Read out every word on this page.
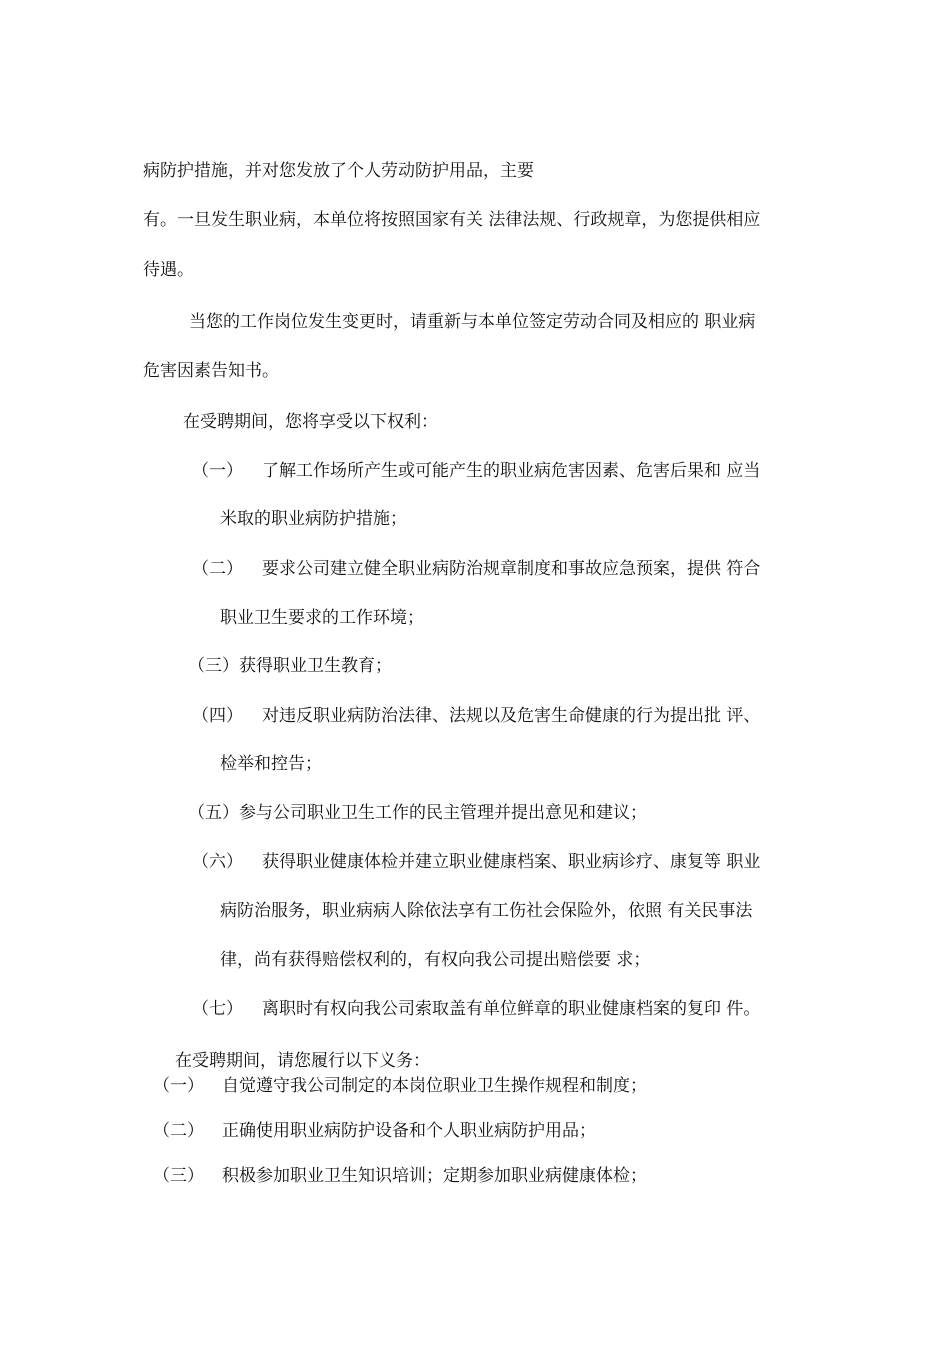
病防护措施，并对您发放了个人劳动防护用品，主要
有。一旦发生职业病，本单位将按照国家有关 法律法规、行政规章，为您提供相应
待遇。
当您的工作岗位发生变更时，请重新与本单位签定劳动合同及相应的 职业病
危害因素告知书。
在受聘期间，您将享受以下权利：
（一） 了解工作场所产生或可能产生的职业病危害因素、危害后果和 应当
米取的职业病防护措施；
（二） 要求公司建立健全职业病防治规章制度和事故应急预案，提供 符合
职业卫生要求的工作环境；
（三）获得职业卫生教育；
（四） 对违反职业病防治法律、法规以及危害生命健康的行为提出批 评、
检举和控告；
（五）参与公司职业卫生工作的民主管理并提出意见和建议；
（六） 获得职业健康体检并建立职业健康档案、职业病诊疗、康复等 职业
病防治服务，职业病病人除依法享有工伤社会保险外，依照 有关民事法
律，尚有获得赔偿权利的，有权向我公司提出赔偿要 求；
（七） 离职时有权向我公司索取盖有单位鲜章的职业健康档案的复印 件。
在受聘期间，请您履行以下义务：
（一） 自觉遵守我公司制定的本岗位职业卫生操作规程和制度；
（二） 正确使用职业病防护设备和个人职业病防护用品；
（三） 积极参加职业卫生知识培训；定期参加职业病健康体检；
